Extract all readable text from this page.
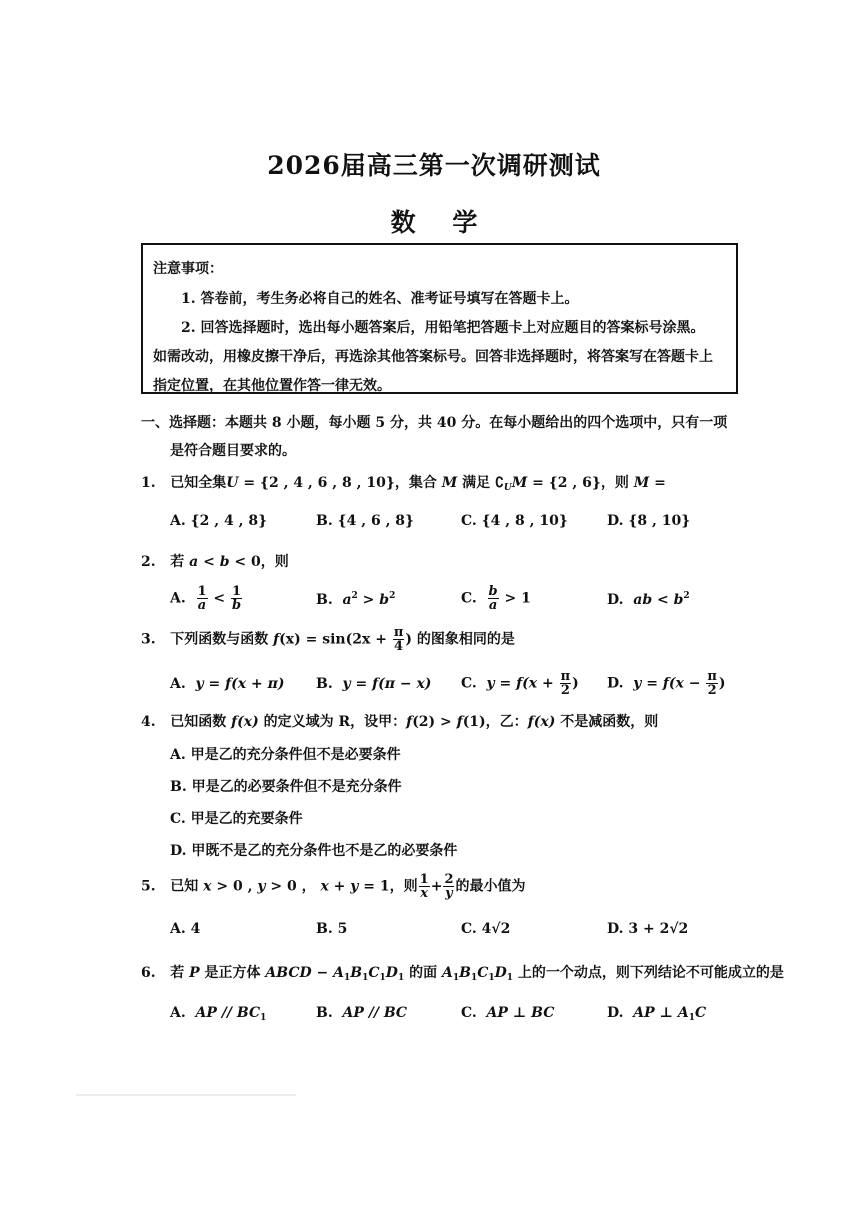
2026届高三第一次调研测试
数 学
注意事项：
1. 答卷前，考生务必将自己的姓名、准考证号填写在答题卡上。
2. 回答选择题时，选出每小题答案后，用铅笔把答题卡上对应题目的答案标号涂黑。
如需改动，用橡皮擦干净后，再选涂其他答案标号。回答非选择题时，将答案写在答题卡上
指定位置，在其他位置作答一律无效。
一、选择题：本题共 8 小题，每小题 5 分，共 40 分。在每小题给出的四个选项中，只有一项
是符合题目要求的。
1. 已知全集U = {2 , 4 , 6 , 8 , 10}，集合 M 满足 $∁_UM = \{2$ , 6}，则 M =
A. {2 , 4 , 8}	B. {4 , 6 , 8}	C. {4 , 8 , 10}	D. {8 , 10}
2. 若 a < b < 0，则
A. $\frac{1}{a} < \frac{1}{b}$	B. $a^2 > b^2$	C. $\frac{b}{a} > 1$	D. ab < $b^2$
3. 下列函数与函数 $f(x) = \sin(2x + \frac{\pi}{4}$ ) 的图象相同的是
A. y = f(x + π) B. y = f(π − x) C. $y = f(x + \frac{\pi}{2}$ ) D. $y = f(x - \frac{\pi}{2}$ )
4. 已知函数 f(x) 的定义域为 R，设甲：f(2) > f(1)，乙：f(x) 不是减函数，则
A. 甲是乙的充分条件但不是必要条件
B. 甲是乙的必要条件但不是充分条件
C. 甲是乙的充要条件
D. 甲既不是乙的充分条件也不是乙的必要条件
5. 已知 x > 0 , y > 0 ， x + y = 1，则 $\frac{1}{x} + \frac{2}{y}$ 的最小值为
A. 4	B. 5	C. 4√2	D. 3 + 2√2
6. 若 P 是正方体 ABCD − $A_1B_1C_1D_1$ 的面 $A_1B_1C_1D_1$ 上的一个动点，则下列结论不可能成立的是
A. AP // $BC_1$	B. AP // BC	C. AP ⊥ BC	D. AP ⊥ $A_1C$
